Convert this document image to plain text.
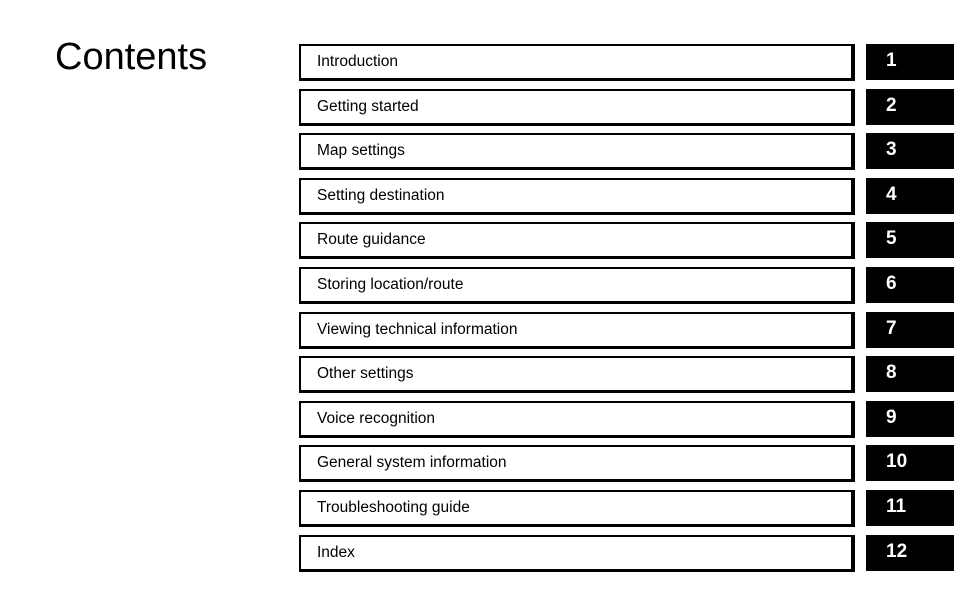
Contents	Introduction	1
Getting started	2
Map settings	3
Setting destination	4
Route guidance	5
Storing location/route	6
Viewing technical information	7
Other settings	8
Voice recognition	9
General system information	10
Troubleshooting guide	11
Index	12
